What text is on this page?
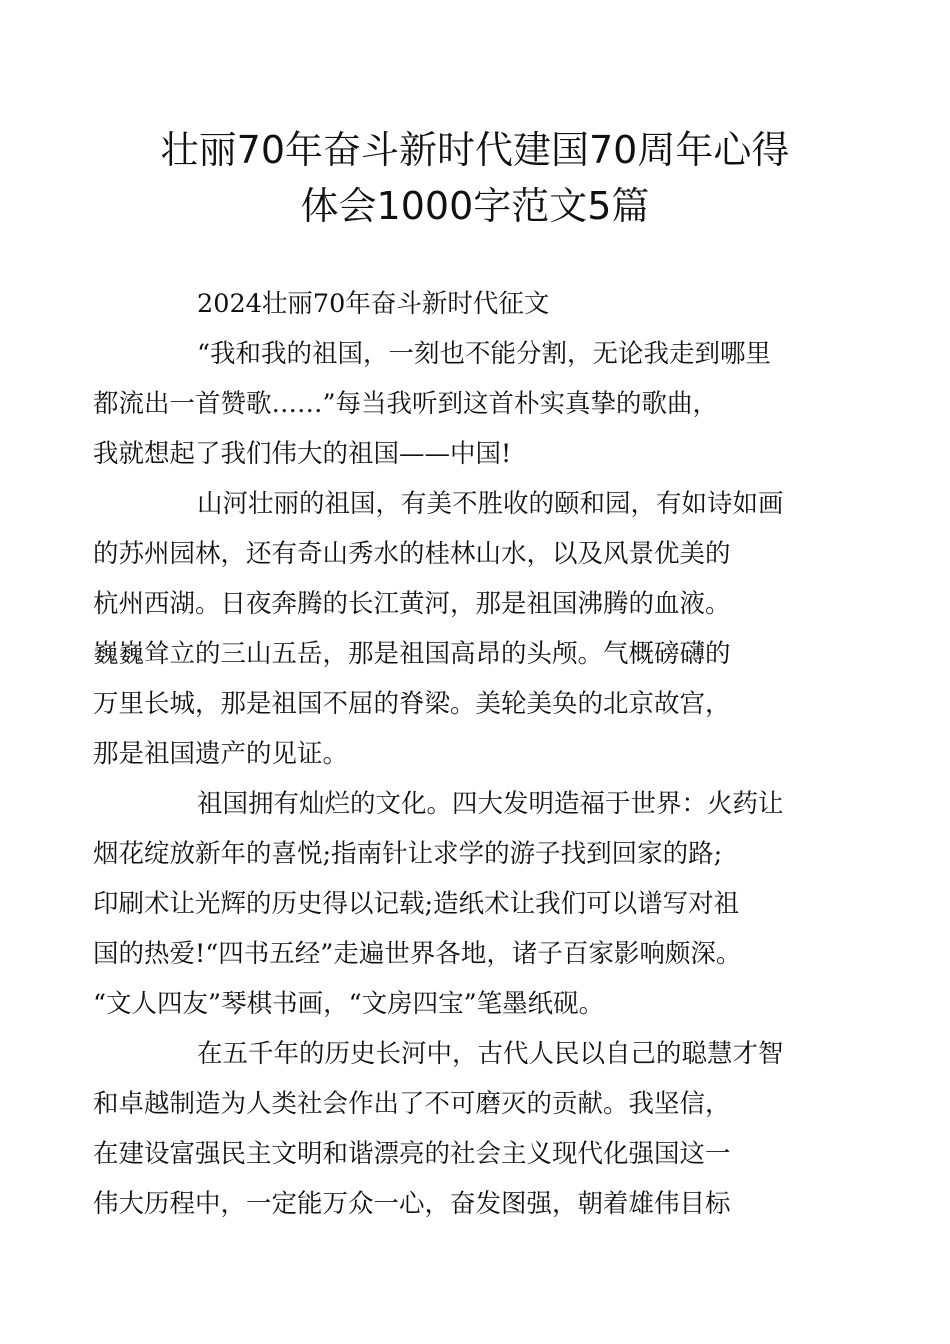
壮丽70年奋斗新时代建国70周年心得
体会1000字范文5篇

2024壮丽70年奋斗新时代征文

“我和我的祖国，一刻也不能分割，无论我走到哪里
都流出一首赞歌……”每当我听到这首朴实真挚的歌曲，
我就想起了我们伟大的祖国——中国!

山河壮丽的祖国，有美不胜收的颐和园，有如诗如画
的苏州园林，还有奇山秀水的桂林山水，以及风景优美的
杭州西湖。日夜奔腾的长江黄河，那是祖国沸腾的血液。
巍巍耸立的三山五岳，那是祖国高昂的头颅。气概磅礴的
万里长城，那是祖国不屈的脊梁。美轮美奂的北京故宫，
那是祖国遗产的见证。

祖国拥有灿烂的文化。四大发明造福于世界：火药让
烟花绽放新年的喜悦;指南针让求学的游子找到回家的路;
印刷术让光辉的历史得以记载;造纸术让我们可以谱写对祖
国的热爱!“四书五经”走遍世界各地，诸子百家影响颇深。
“文人四友”琴棋书画，“文房四宝”笔墨纸砚。

在五千年的历史长河中，古代人民以自己的聪慧才智
和卓越制造为人类社会作出了不可磨灭的贡献。我坚信，
在建设富强民主文明和谐漂亮的社会主义现代化强国这一
伟大历程中，一定能万众一心，奋发图强，朝着雄伟目标
